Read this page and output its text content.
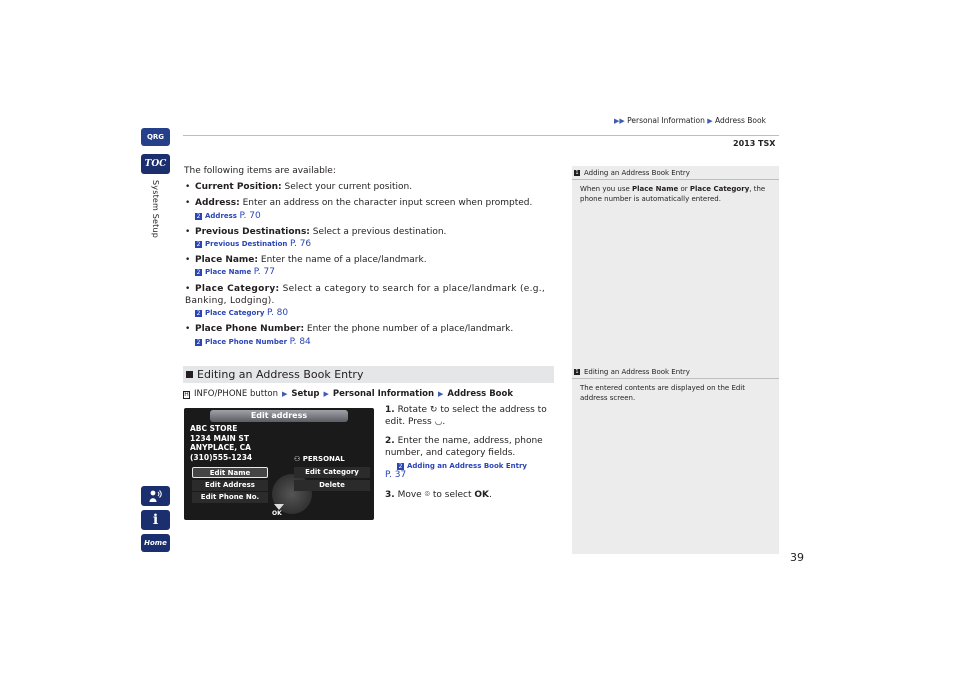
▶▶ Personal Information ▶ Address Book
2013 TSX
QRG
TOC
System Setup
i
Home
The following items are available:
• Current Position: Select your current position.
• Address: Enter an address on the character input screen when prompted.
2 Address P. 70
• Previous Destinations: Select a previous destination.
2 Previous Destination P. 76
• Place Name: Enter the name of a place/landmark.
2 Place Name P. 77
• Place Category: Select a category to search for a place/landmark (e.g., Banking, Lodging).
2 Place Category P. 80
• Place Phone Number: Enter the phone number of a place/landmark.
2 Place Phone Number P. 84
Editing an Address Book Entry
H INFO/PHONE button ▶ Setup ▶ Personal Information ▶ Address Book
Edit address
ABC STORE
1234 MAIN ST
ANYPLACE, CA
(310)555-1234	⚇ PERSONAL
Edit Name	Edit Category
Edit Address	Delete
Edit Phone No.
OK
1. Rotate ↻ to select the address to edit. Press ◡.
2. Enter the name, address, phone number, and category fields.
2 Adding an Address Book Entry
P. 37
3. Move ⌾ to select OK.
1 Adding an Address Book Entry
When you use Place Name or Place Category, the phone number is automatically entered.
1 Editing an Address Book Entry
The entered contents are displayed on the Edit address screen.
39
